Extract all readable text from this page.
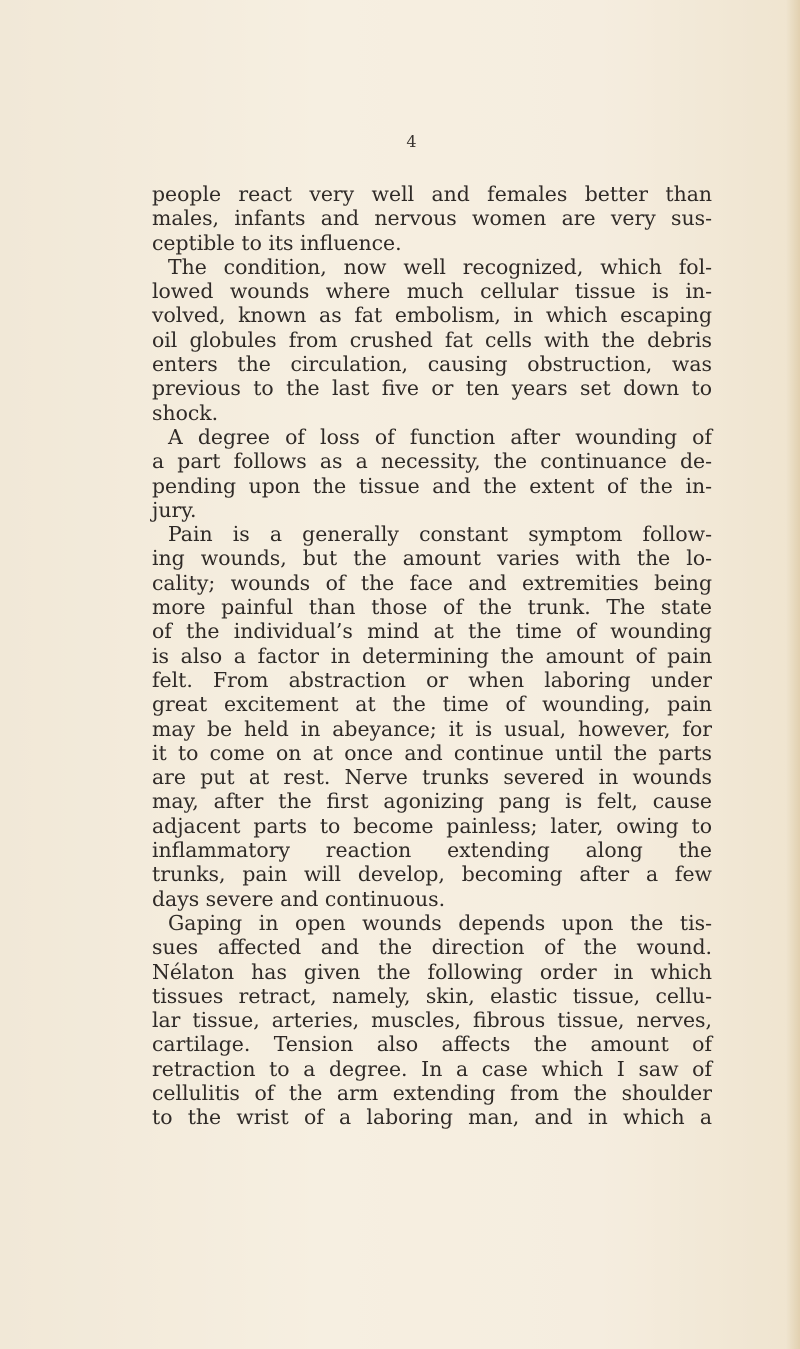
4
people react very well and females better than
males, infants and nervous women are very sus-
ceptible to its influence.
The condition, now well recognized, which fol-
lowed wounds where much cellular tissue is in-
volved, known as fat embolism, in which escaping
oil globules from crushed fat cells with the debris
enters the circulation, causing obstruction, was
previous to the last five or ten years set down to
shock.
A degree of loss of function after wounding of
a part follows as a necessity, the continuance de-
pending upon the tissue and the extent of the in-
jury.
Pain is a generally constant symptom follow-
ing wounds, but the amount varies with the lo-
cality; wounds of the face and extremities being
more painful than those of the trunk. The state
of the individual’s mind at the time of wounding
is also a factor in determining the amount of pain
felt. From abstraction or when laboring under
great excitement at the time of wounding, pain
may be held in abeyance; it is usual, however, for
it to come on at once and continue until the parts
are put at rest. Nerve trunks severed in wounds
may, after the first agonizing pang is felt, cause
adjacent parts to become painless; later, owing to
inflammatory reaction extending along the
trunks, pain will develop, becoming after a few
days severe and continuous.
Gaping in open wounds depends upon the tis-
sues affected and the direction of the wound.
Nélaton has given the following order in which
tissues retract, namely, skin, elastic tissue, cellu-
lar tissue, arteries, muscles, fibrous tissue, nerves,
cartilage. Tension also affects the amount of
retraction to a degree. In a case which I saw of
cellulitis of the arm extending from the shoulder
to the wrist of a laboring man, and in which a
